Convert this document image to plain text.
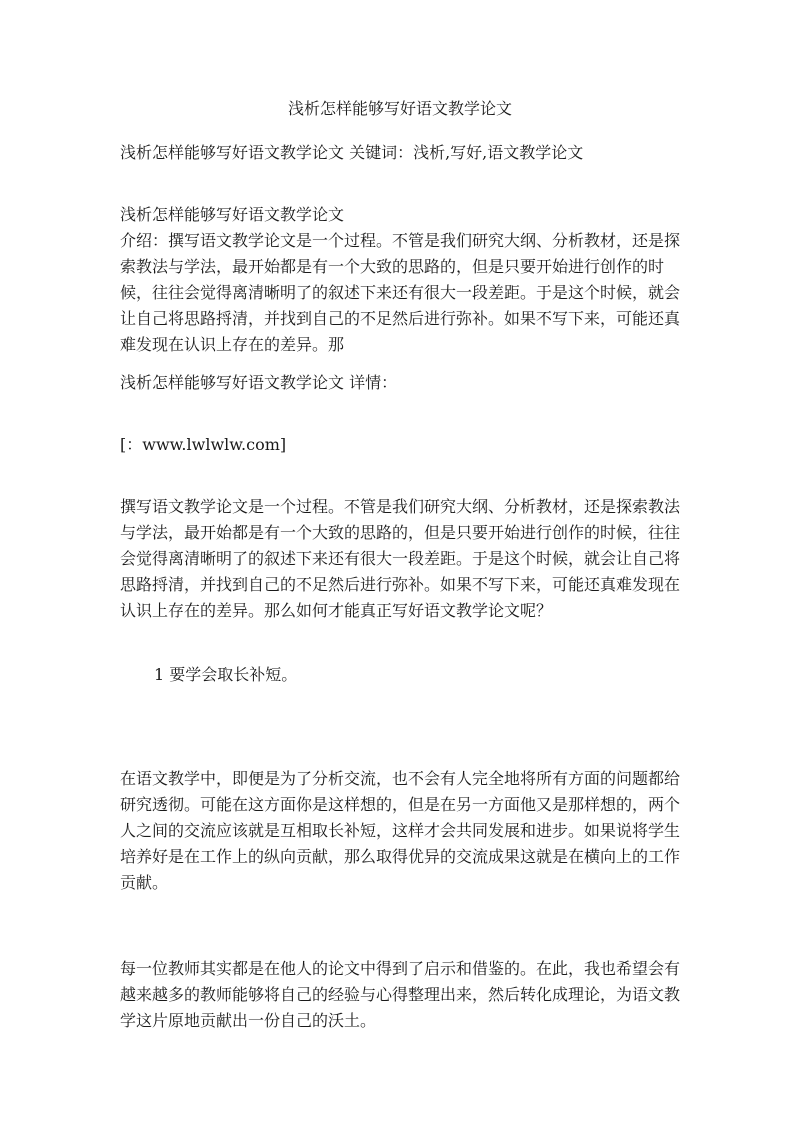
浅析怎样能够写好语文教学论文

浅析怎样能够写好语文教学论文 关键词：浅析,写好,语文教学论文

浅析怎样能够写好语文教学论文

介绍：撰写语文教学论文是一个过程。不管是我们研究大纲、分析教材，还是探索教法与学法，最开始都是有一个大致的思路的，但是只要开始进行创作的时候，往往会觉得离清晰明了的叙述下来还有很大一段差距。于是这个时候，就会让自己将思路捋清，并找到自己的不足然后进行弥补。如果不写下来，可能还真难发现在认识上存在的差异。那

浅析怎样能够写好语文教学论文 详情：

[：www.lwlwlw.com]

撰写语文教学论文是一个过程。不管是我们研究大纲、分析教材，还是探索教法与学法，最开始都是有一个大致的思路的，但是只要开始进行创作的时候，往往会觉得离清晰明了的叙述下来还有很大一段差距。于是这个时候，就会让自己将思路捋清，并找到自己的不足然后进行弥补。如果不写下来，可能还真难发现在认识上存在的差异。那么如何才能真正写好语文教学论文呢？

1 要学会取长补短。

在语文教学中，即便是为了分析交流，也不会有人完全地将所有方面的问题都给研究透彻。可能在这方面你是这样想的，但是在另一方面他又是那样想的，两个人之间的交流应该就是互相取长补短，这样才会共同发展和进步。如果说将学生培养好是在工作上的纵向贡献，那么取得优异的交流成果这就是在横向上的工作贡献。

每一位教师其实都是在他人的论文中得到了启示和借鉴的。在此，我也希望会有越来越多的教师能够将自己的经验与心得整理出来，然后转化成理论，为语文教学这片原地贡献出一份自己的沃土。
